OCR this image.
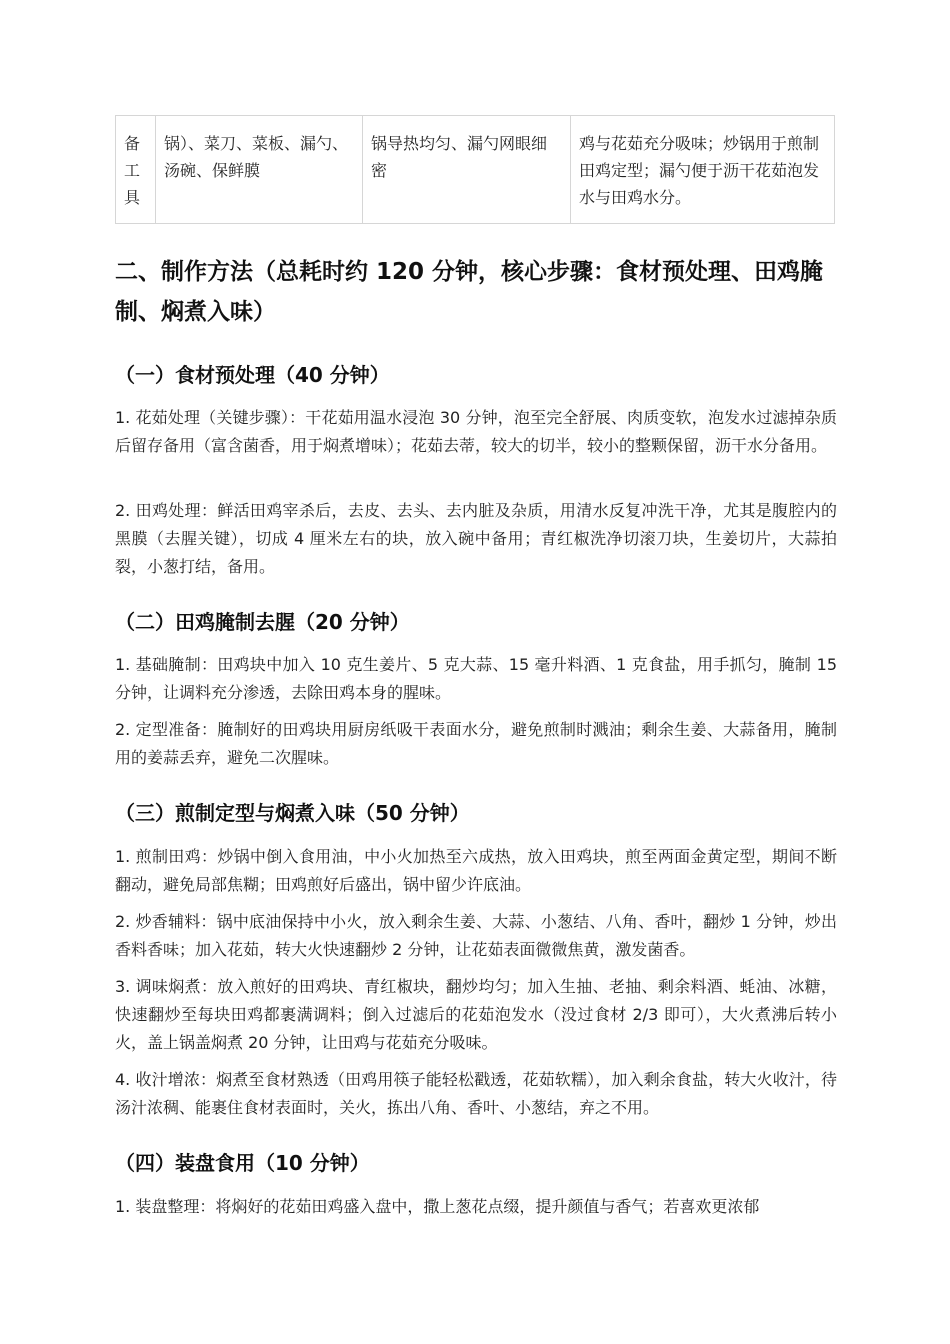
备
工
具
	锅）、菜刀、菜板、漏勺、汤碗、保鲜膜	锅导热均匀、漏勺网眼细密	鸡与花茹充分吸味；炒锅用于煎制田鸡定型；漏勺便于沥干花茹泡发水与田鸡水分。
二、制作方法（总耗时约 120 分钟，核心步骤：食材预处理、田鸡腌制、焖煮入味）
（一）食材预处理（40 分钟）

1. 花茹处理（关键步骤）：干花茹用温水浸泡 30 分钟，泡至完全舒展、肉质变软，泡发水过滤掉杂质后留存备用（富含菌香，用于焖煮增味）；花茹去蒂，较大的切半，较小的整颗保留，沥干水分备用。

2. 田鸡处理：鲜活田鸡宰杀后，去皮、去头、去内脏及杂质，用清水反复冲洗干净，尤其是腹腔内的黑膜（去腥关键），切成 4 厘米左右的块，放入碗中备用；青红椒洗净切滚刀块，生姜切片，大蒜拍裂，小葱打结，备用。

（二）田鸡腌制去腥（20 分钟）

1. 基础腌制：田鸡块中加入 10 克生姜片、5 克大蒜、15 毫升料酒、1 克食盐，用手抓匀，腌制 15 分钟，让调料充分渗透，去除田鸡本身的腥味。

2. 定型准备：腌制好的田鸡块用厨房纸吸干表面水分，避免煎制时溅油；剩余生姜、大蒜备用，腌制用的姜蒜丢弃，避免二次腥味。

（三）煎制定型与焖煮入味（50 分钟）

1. 煎制田鸡：炒锅中倒入食用油，中小火加热至六成热，放入田鸡块，煎至两面金黄定型，期间不断翻动，避免局部焦糊；田鸡煎好后盛出，锅中留少许底油。

2. 炒香辅料：锅中底油保持中小火，放入剩余生姜、大蒜、小葱结、八角、香叶，翻炒 1 分钟，炒出香料香味；加入花茹，转大火快速翻炒 2 分钟，让花茹表面微微焦黄，激发菌香。

3. 调味焖煮：放入煎好的田鸡块、青红椒块，翻炒均匀；加入生抽、老抽、剩余料酒、蚝油、冰糖，快速翻炒至每块田鸡都裹满调料；倒入过滤后的花茹泡发水（没过食材 2/3 即可），大火煮沸后转小火，盖上锅盖焖煮 20 分钟，让田鸡与花茹充分吸味。

4. 收汁增浓：焖煮至食材熟透（田鸡用筷子能轻松戳透，花茹软糯），加入剩余食盐，转大火收汁，待汤汁浓稠、能裹住食材表面时，关火，拣出八角、香叶、小葱结，弃之不用。

（四）装盘食用（10 分钟）

1. 装盘整理：将焖好的花茹田鸡盛入盘中，撒上葱花点缀，提升颜值与香气；若喜欢更浓郁
